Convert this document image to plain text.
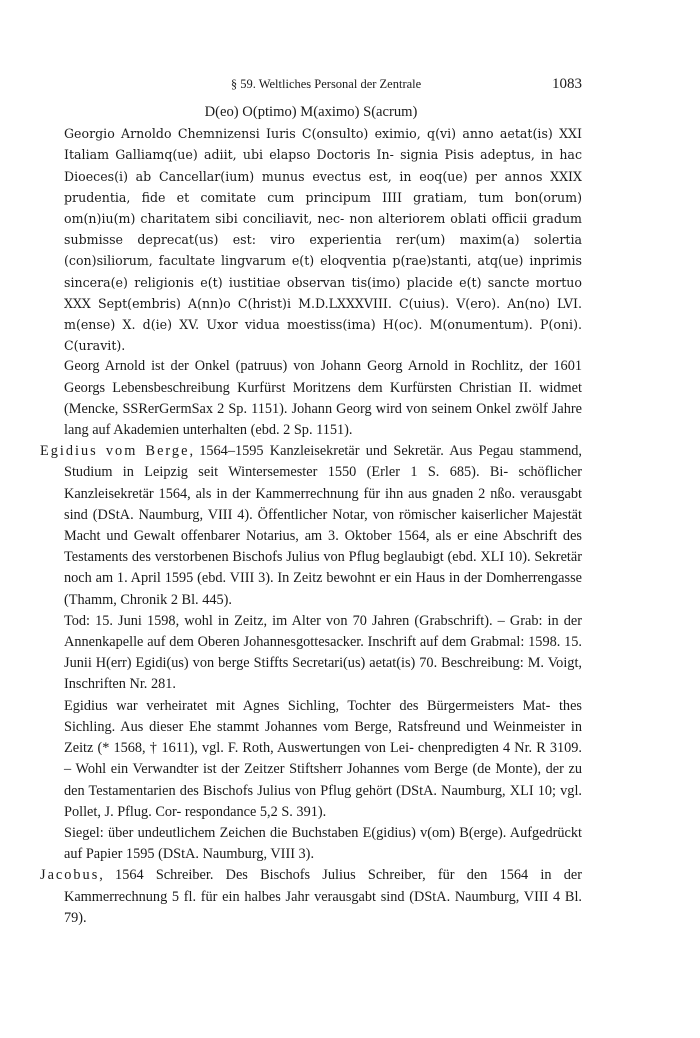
§ 59. Weltliches Personal der Zentrale	1083

D(eo) O(ptimo) M(aximo) S(acrum)

Georgio Arnoldo Chemnizensi Iuris C(onsulto) eximio, q(vi) anno aetat(is) XXI Italiam Galliamq(ue) adiit, ubi elapso Doctoris In- signia Pisis adeptus, in hac Dioeces(i) ab Cancellar(ium) munus evectus est, in eoq(ue) per annos XXIX prudentia, fide et comitate cum principum IIII gratiam, tum bon(orum) om(n)iu(m) charitatem sibi conciliavit, nec- non alteriorem oblati officii gradum submisse deprecat(us) est: viro experientia rer(um) maxim(a) solertia (con)siliorum, facultate lingvarum e(t) eloqventia p(rae)stanti, atq(ue) inprimis sincera(e) religionis e(t) iustitiae observan tis(imo) placide e(t) sancte mortuo XXX Sept(embris) A(nn)o C(hrist)i M.D.LXXXVIII. C(uius). V(ero). An(no) LVI. m(ense) X. d(ie) XV. Uxor vidua moestiss(ima) H(oc). M(onumentum). P(oni). C(uravit).

Georg Arnold ist der Onkel (patruus) von Johann Georg Arnold in Rochlitz, der 1601 Georgs Lebensbeschreibung Kurfürst Moritzens dem Kurfürsten Christian II. widmet (Mencke, SSRerGermSax 2 Sp. 1151). Johann Georg wird von seinem Onkel zwölf Jahre lang auf Akademien unterhalten (ebd. 2 Sp. 1151).

Egidius vom Berge, 1564–1595 Kanzleisekretär und Sekretär. Aus Pegau stammend, Studium in Leipzig seit Wintersemester 1550 (Erler 1 S. 685). Bi- schöflicher Kanzleisekretär 1564, als in der Kammerrechnung für ihn aus gnaden 2 nßo. verausgabt sind (DStA. Naumburg, VIII 4). Öffentlicher Notar, von römischer kaiserlicher Majestät Macht und Gewalt offenbarer Notarius, am 3. Oktober 1564, als er eine Abschrift des Testaments des verstorbenen Bischofs Julius von Pflug beglaubigt (ebd. XLI 10). Sekretär noch am 1. April 1595 (ebd. VIII 3). In Zeitz bewohnt er ein Haus in der Domherrengasse (Thamm, Chronik 2 Bl. 445).

Tod: 15. Juni 1598, wohl in Zeitz, im Alter von 70 Jahren (Grabschrift). – Grab: in der Annenkapelle auf dem Oberen Johannesgottesacker. Inschrift auf dem Grabmal: 1598. 15. Junii H(err) Egidi(us) von berge Stiffts Secretari(us) aetat(is) 70. Beschreibung: M. Voigt, Inschriften Nr. 281.

Egidius war verheiratet mit Agnes Sichling, Tochter des Bürgermeisters Mat- thes Sichling. Aus dieser Ehe stammt Johannes vom Berge, Ratsfreund und Weinmeister in Zeitz (* 1568, † 1611), vgl. F. Roth, Auswertungen von Lei- chenpredigten 4 Nr. R 3109. – Wohl ein Verwandter ist der Zeitzer Stiftsherr Johannes vom Berge (de Monte), der zu den Testamentarien des Bischofs Julius von Pflug gehört (DStA. Naumburg, XLI 10; vgl. Pollet, J. Pflug. Cor- respondance 5,2 S. 391).

Siegel: über undeutlichem Zeichen die Buchstaben E(gidius) v(om) B(erge). Aufgedrückt auf Papier 1595 (DStA. Naumburg, VIII 3).

Jacobus, 1564 Schreiber. Des Bischofs Julius Schreiber, für den 1564 in der Kammerrechnung 5 fl. für ein halbes Jahr verausgabt sind (DStA. Naumburg, VIII 4 Bl. 79).
